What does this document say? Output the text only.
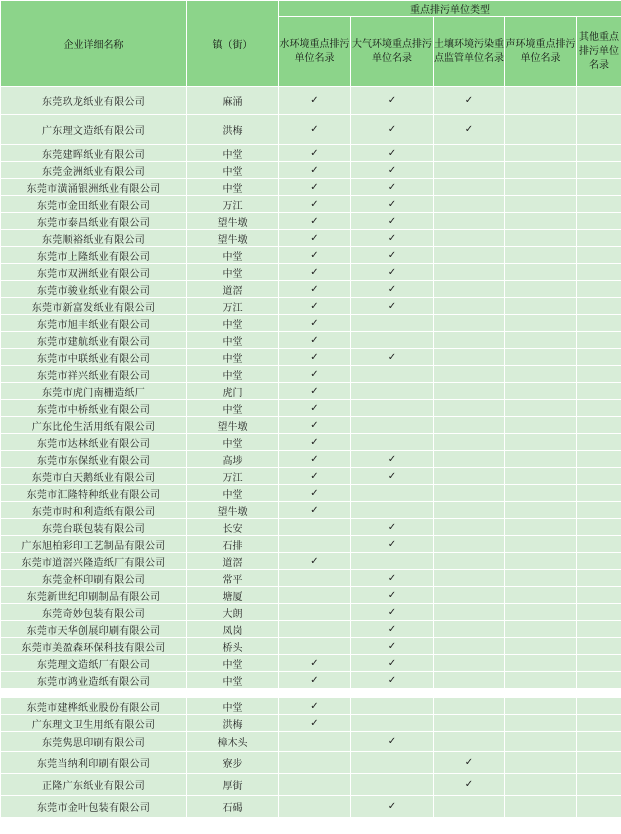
企业详细名称	镇（街）	重点排污单位类型				
		水环境重点排污单位名录	大气环境重点排污单位名录	土壤环境污染重点监管单位名录	声环境重点排污单位名录	其他重点排污单位名录
东莞玖龙纸业有限公司	麻涌	✓	✓	✓		
广东理文造纸有限公司	洪梅	✓	✓	✓		
东莞建晖纸业有限公司	中堂	✓	✓			
东莞金洲纸业有限公司	中堂	✓	✓			
东莞市潢涌银洲纸业有限公司	中堂	✓	✓			
东莞市金田纸业有限公司	万江	✓	✓			
东莞市泰昌纸业有限公司	望牛墩	✓	✓			
东莞顺裕纸业有限公司	望牛墩	✓	✓			
东莞市上隆纸业有限公司	中堂	✓	✓			
东莞市双洲纸业有限公司	中堂	✓	✓			
东莞市骏业纸业有限公司	道滘	✓	✓			
东莞市新富发纸业有限公司	万江	✓	✓			
东莞市旭丰纸业有限公司	中堂	✓				
东莞市建航纸业有限公司	中堂	✓				
东莞市中联纸业有限公司	中堂	✓	✓			
东莞市祥兴纸业有限公司	中堂	✓				
东莞市虎门南栅造纸厂	虎门	✓				
东莞市中桥纸业有限公司	中堂	✓				
广东比伦生活用纸有限公司	望牛墩	✓				
东莞市达林纸业有限公司	中堂	✓				
东莞市东保纸业有限公司	高埗	✓	✓			
东莞市白天鹅纸业有限公司	万江	✓	✓			
东莞市汇隆特种纸业有限公司	中堂	✓				
东莞市时和利造纸有限公司	望牛墩	✓				
东莞台联包装有限公司	长安		✓			
广东旭柏彩印工艺制品有限公司	石排		✓			
东莞市道滘兴隆造纸厂有限公司	道滘	✓				
东莞金杯印刷有限公司	常平		✓			
东莞新世纪印刷制品有限公司	塘厦		✓			
东莞奇妙包装有限公司	大朗		✓			
东莞市天华创展印刷有限公司	凤岗		✓			
东莞市美盈森环保科技有限公司	桥头		✓			
东莞理文造纸厂有限公司	中堂	✓	✓			
东莞市鸿业造纸有限公司	中堂	✓	✓			

东莞市建桦纸业股份有限公司	中堂	✓				
广东理文卫生用纸有限公司	洪梅	✓				
东莞隽思印刷有限公司	樟木头		✓			
东莞当纳利印刷有限公司	寮步			✓		
正隆广东纸业有限公司	厚街			✓		
东莞市金叶包装有限公司	石碣		✓			
